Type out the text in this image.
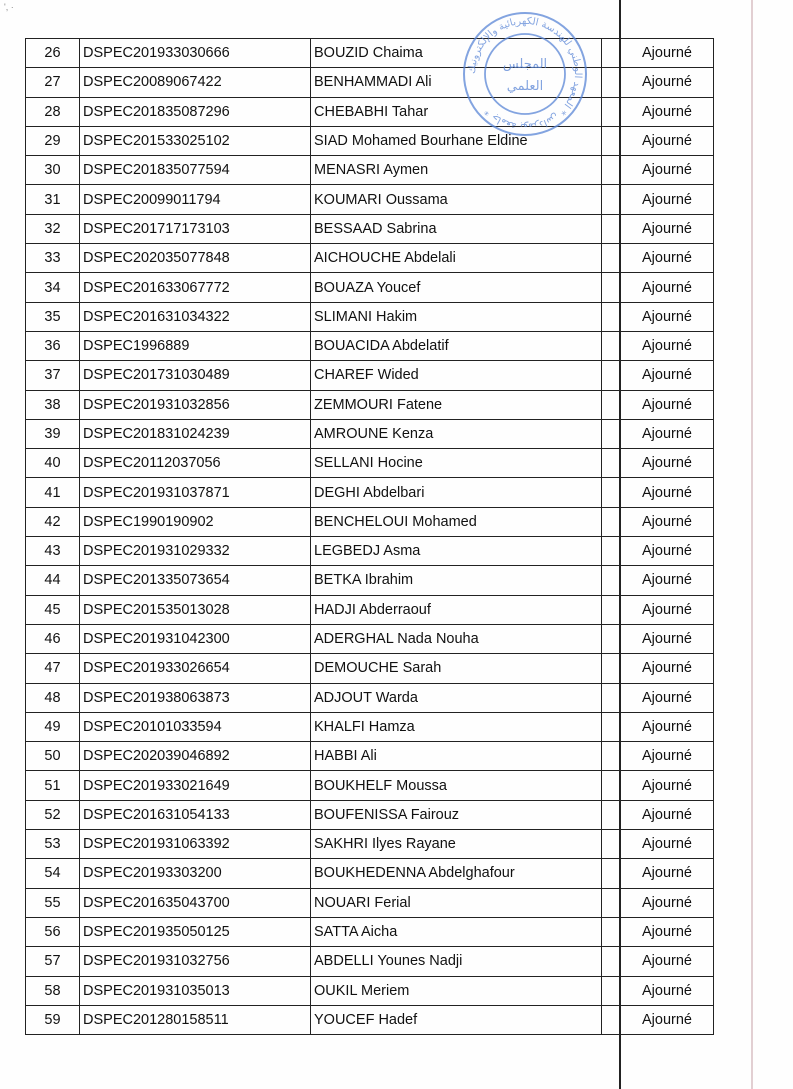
', ·
26	DSPEC201933030666	BOUZID Chaima		Ajourné
27	DSPEC20089067422	BENHAMMADI Ali		Ajourné
28	DSPEC201835087296	CHEBABHI Tahar		Ajourné
29	DSPEC201533025102	SIAD Mohamed Bourhane Eldine		Ajourné
30	DSPEC201835077594	MENASRI Aymen		Ajourné
31	DSPEC20099011794	KOUMARI Oussama		Ajourné
32	DSPEC201717173103	BESSAAD Sabrina		Ajourné
33	DSPEC202035077848	AICHOUCHE Abdelali		Ajourné
34	DSPEC201633067772	BOUAZA Youcef		Ajourné
35	DSPEC201631034322	SLIMANI Hakim		Ajourné
36	DSPEC1996889	BOUACIDA Abdelatif		Ajourné
37	DSPEC201731030489	CHAREF Wided		Ajourné
38	DSPEC201931032856	ZEMMOURI Fatene		Ajourné
39	DSPEC201831024239	AMROUNE Kenza		Ajourné
40	DSPEC20112037056	SELLANI Hocine		Ajourné
41	DSPEC201931037871	DEGHI Abdelbari		Ajourné
42	DSPEC1990190902	BENCHELOUI Mohamed		Ajourné
43	DSPEC201931029332	LEGBEDJ Asma		Ajourné
44	DSPEC201335073654	BETKA Ibrahim		Ajourné
45	DSPEC201535013028	HADJI Abderraouf		Ajourné
46	DSPEC201931042300	ADERGHAL Nada Nouha		Ajourné
47	DSPEC201933026654	DEMOUCHE Sarah		Ajourné
48	DSPEC201938063873	ADJOUT Warda		Ajourné
49	DSPEC20101033594	KHALFI Hamza		Ajourné
50	DSPEC202039046892	HABBI Ali		Ajourné
51	DSPEC201933021649	BOUKHELF Moussa		Ajourné
52	DSPEC201631054133	BOUFENISSA Fairouz		Ajourné
53	DSPEC201931063392	SAKHRI Ilyes Rayane		Ajourné
54	DSPEC20193303200	BOUKHEDENNA Abdelghafour		Ajourné
55	DSPEC201635043700	NOUARI Ferial		Ajourné
56	DSPEC201935050125	SATTA Aicha		Ajourné
57	DSPEC201931032756	ABDELLI Younes Nadji		Ajourné
58	DSPEC201931035013	OUKIL Meriem		Ajourné
59	DSPEC201280158511	YOUCEF Hadef		Ajourné
جامعة بومرداس * المعهد الوطني للهندسة الكهربائية والإلكترونيك *
المجلس
العلمي
